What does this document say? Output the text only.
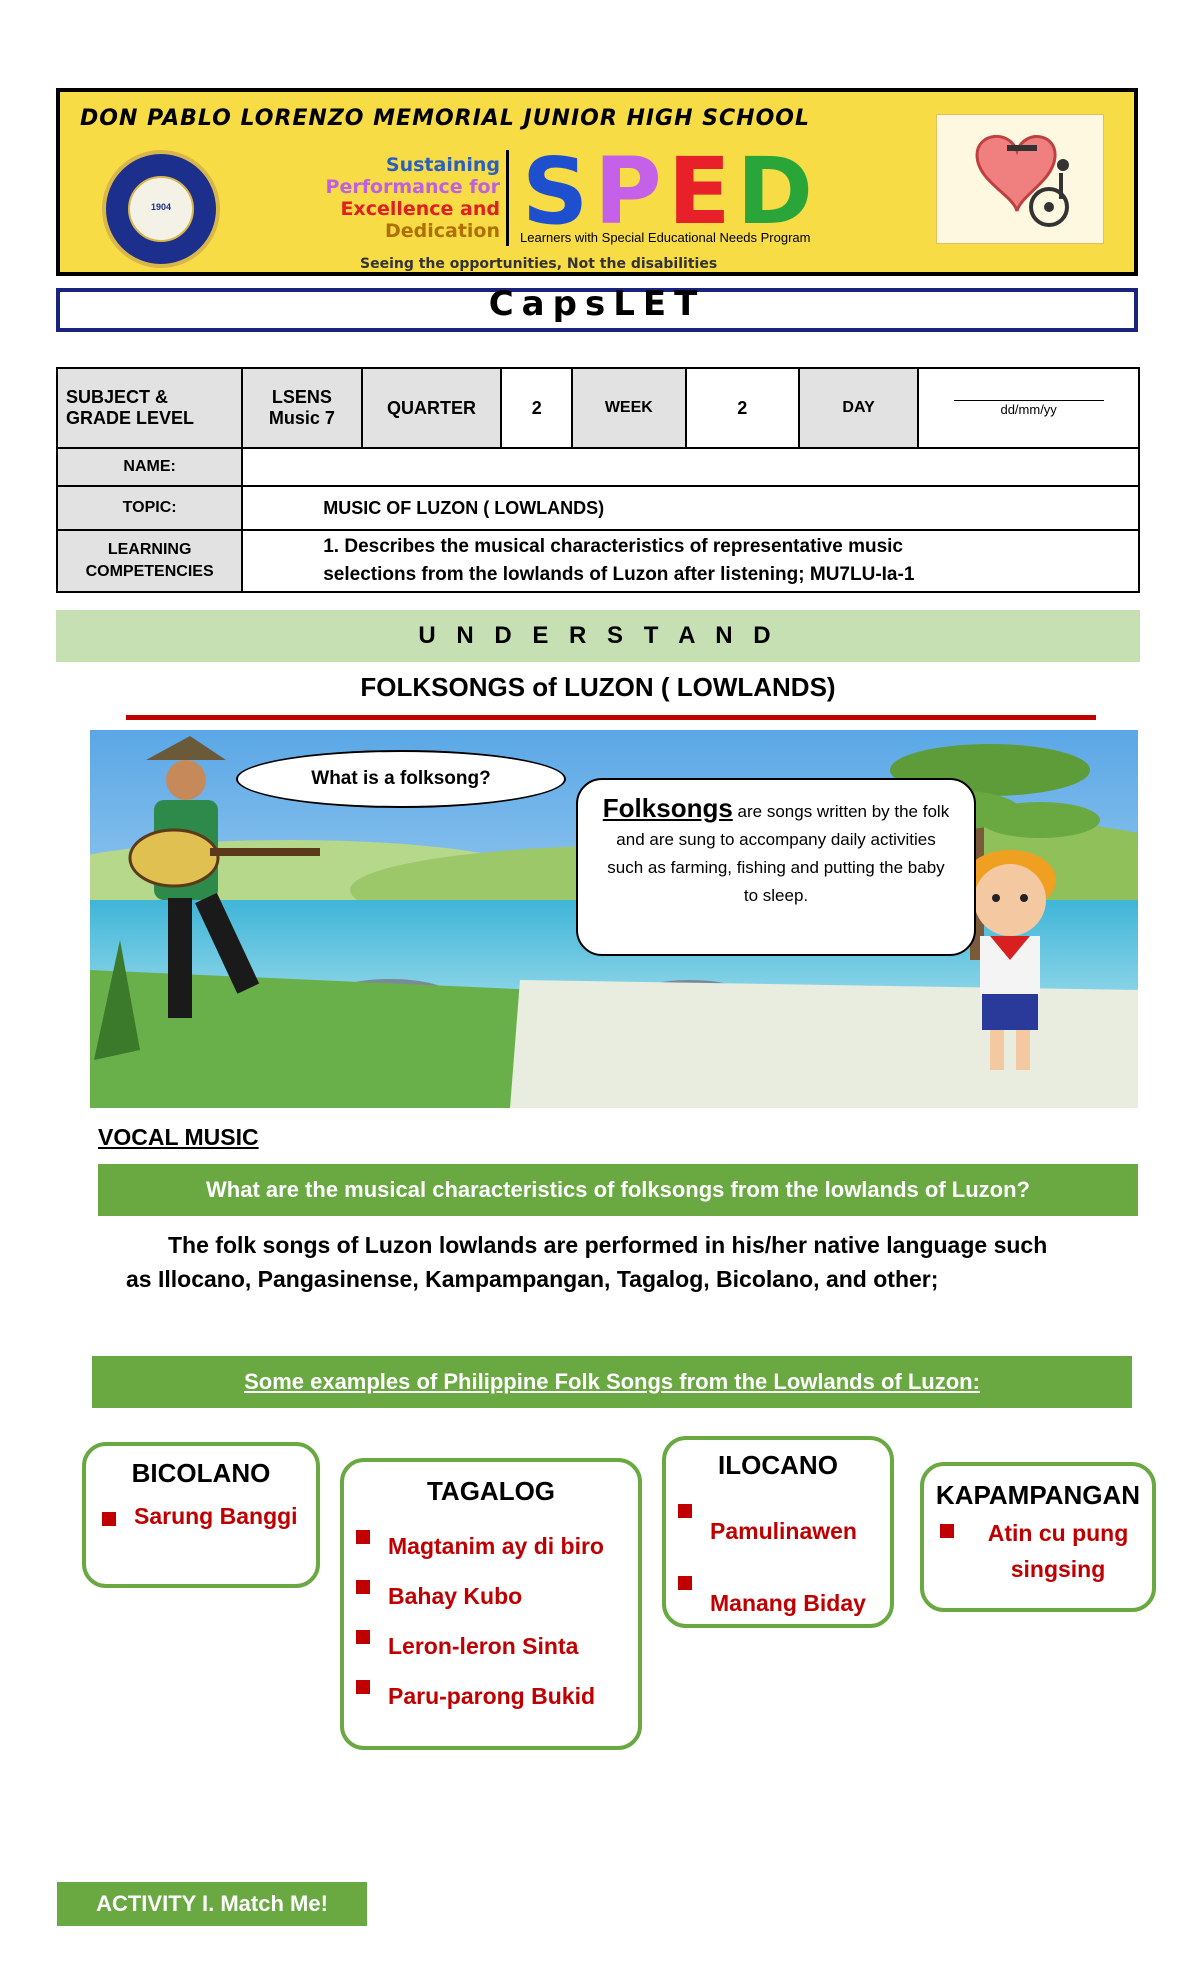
DON PABLO LORENZO MEMORIAL JUNIOR HIGH SCHOOL
1904
Sustaining
Performance for
Excellence and
Dedication SPED
Learners with Special Educational Needs Program
Seeing the opportunities, Not the disabilities
CapsLET
SUBJECT & GRADE LEVEL	LSENS Music 7	QUARTER	2	WEEK	2	DAY	dd/mm/yy

NAME:							
TOPIC:	MUSIC OF LUZON ( LOWLANDS)						
LEARNING COMPETENCIES	1. Describes the musical characteristics of representative music selections from the lowlands of Luzon after listening; MU7LU-Ia-1						
U N D E R S T A N D
FOLKSONGS of LUZON ( LOWLANDS)
What is a folksong?
Folksongs are songs written by the folk and are sung to accompany daily activities such as farming, fishing and putting the baby to sleep.
VOCAL MUSIC
What are the musical characteristics of folksongs from the lowlands of Luzon?
The folk songs of Luzon lowlands are performed in his/her native language such
as Illocano, Pangasinense, Kampampangan, Tagalog, Bicolano, and other;
Some examples of Philippine Folk Songs from the Lowlands of Luzon:
BICOLANO
Sarung Banggi
TAGALOG
Magtanim ay di biro
Bahay Kubo
Leron-leron Sinta
Paru-parong Bukid
ILOCANO
Pamulinawen
Manang Biday
KAPAMPANGAN
Atin cu pung singsing
ACTIVITY I. Match Me!
